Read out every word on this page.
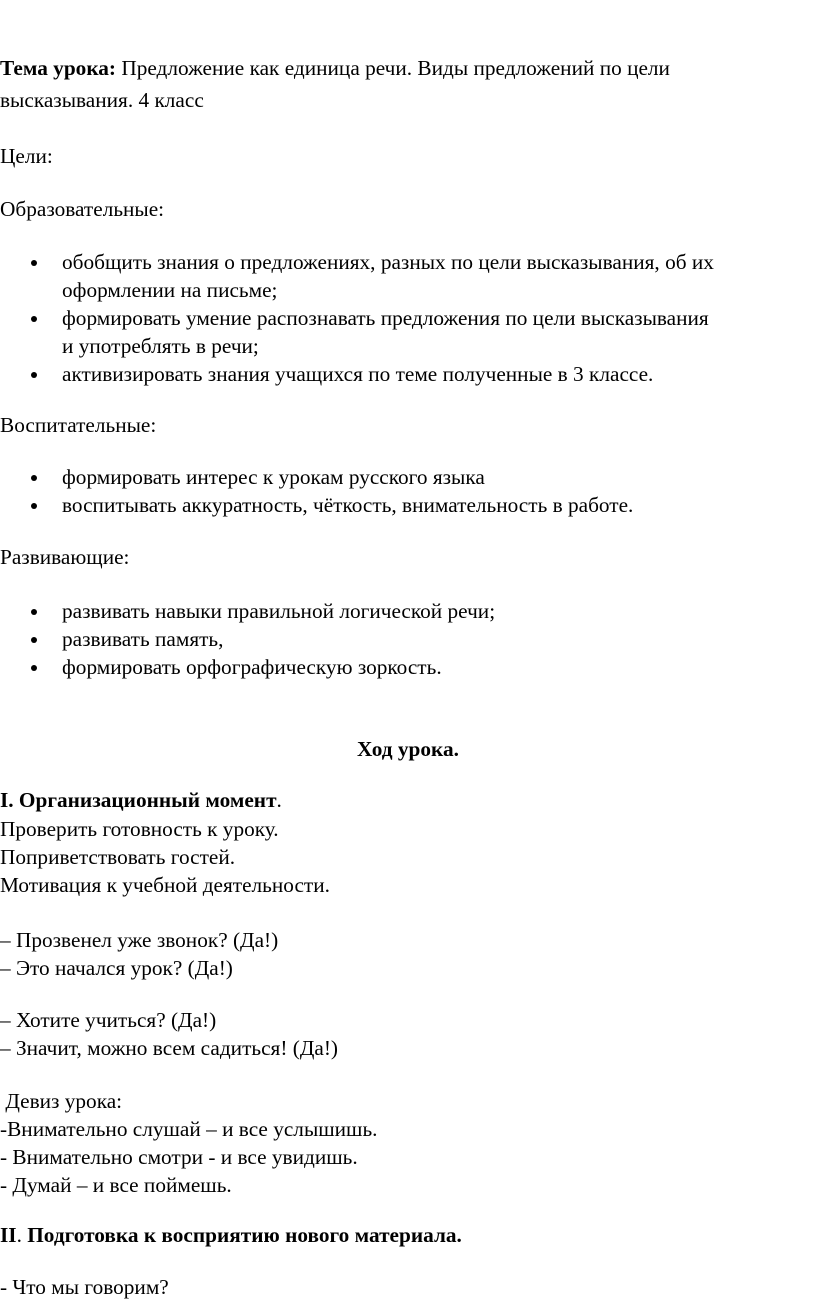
Тема урока: Предложение как единица речи. Виды предложений по цели
высказывания. 4 класс
Цели:
Образовательные:
обобщить знания о предложениях, разных по цели высказывания, об их
оформлении на письме;
формировать умение распознавать предложения по цели высказывания
и употреблять в речи;
активизировать знания учащихся по теме полученные в 3 классе.
Воспитательные:
формировать интерес к урокам русского языка
воспитывать аккуратность, чёткость, внимательность в работе.
Развивающие:
развивать навыки правильной логической речи;
развивать память,
формировать орфографическую зоркость.
Ход урока.
I. Организационный момент.
Проверить готовность к уроку.
Поприветствовать гостей.
Мотивация к учебной деятельности.
– Прозвенел уже звонок? (Да!)
– Это начался урок? (Да!)
– Хотите учиться? (Да!)
– Значит, можно всем садиться! (Да!)
Девиз урока:
-Внимательно слушай – и все услышишь.
- Внимательно смотри - и все увидишь.
- Думай – и все поймешь.
II. Подготовка к восприятию нового материала.
- Что мы говорим?
